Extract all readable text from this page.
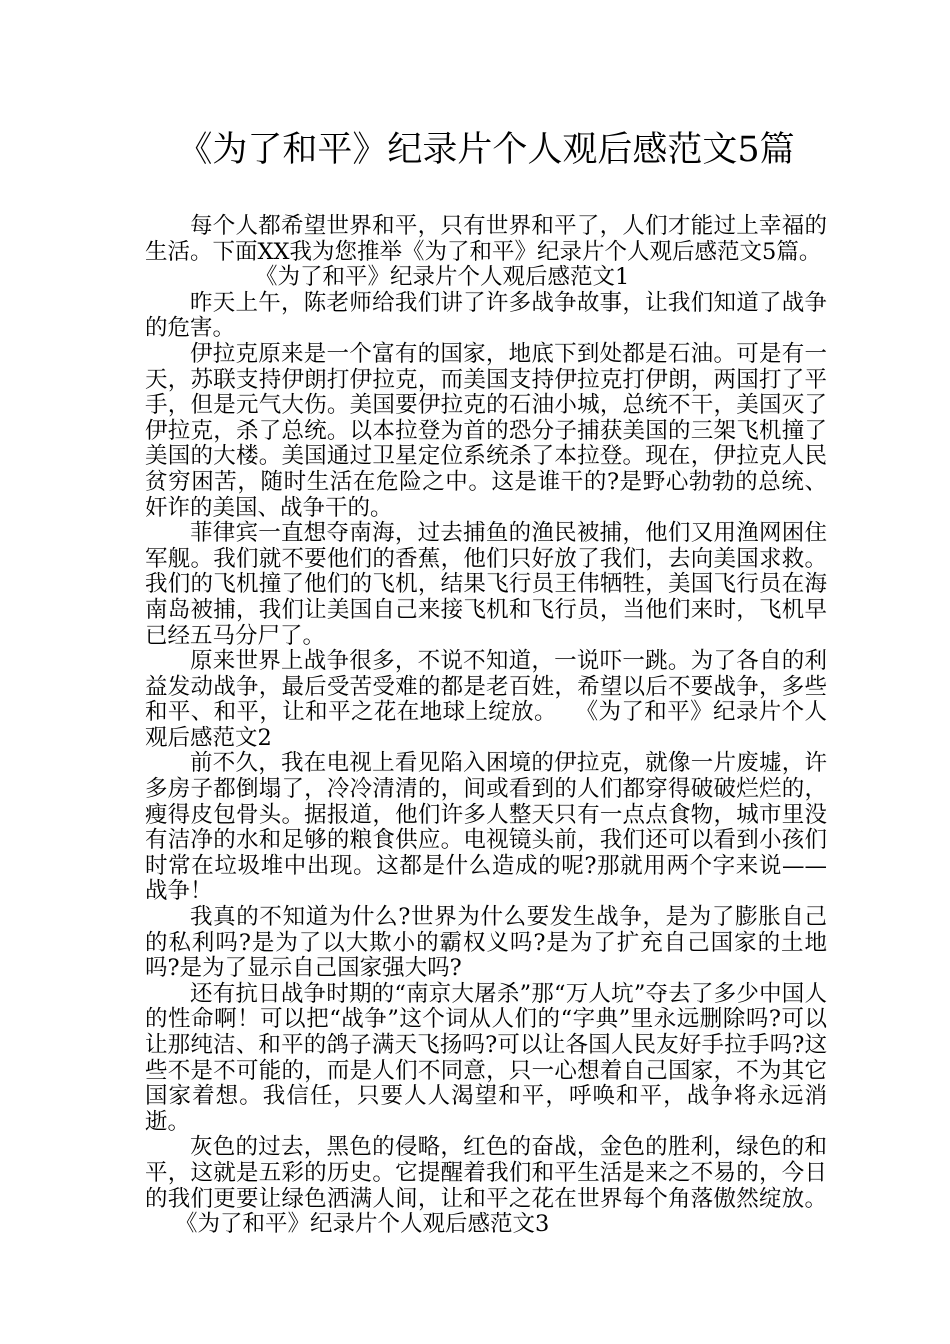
《为了和平》纪录片个人观后感范文5篇

每个人都希望世界和平，只有世界和平了，人们才能过上幸福的生活。下面XX我为您推举《为了和平》纪录片个人观后感范文5篇。

《为了和平》纪录片个人观后感范文1

昨天上午，陈老师给我们讲了许多战争故事，让我们知道了战争的危害。

伊拉克原来是一个富有的国家，地底下到处都是石油。可是有一天，苏联支持伊朗打伊拉克，而美国支持伊拉克打伊朗，两国打了平手，但是元气大伤。美国要伊拉克的石油小城，总统不干，美国灭了伊拉克，杀了总统。以本拉登为首的恐分子捕获美国的三架飞机撞了美国的大楼。美国通过卫星定位系统杀了本拉登。现在，伊拉克人民贫穷困苦，随时生活在危险之中。这是谁干的?是野心勃勃的总统、奸诈的美国、战争干的。

菲律宾一直想夺南海，过去捕鱼的渔民被捕，他们又用渔网困住军舰。我们就不要他们的香蕉，他们只好放了我们，去向美国求救。我们的飞机撞了他们的飞机，结果飞行员王伟牺牲，美国飞行员在海南岛被捕，我们让美国自己来接飞机和飞行员，当他们来时，飞机早已经五马分尸了。

原来世界上战争很多，不说不知道，一说吓一跳。为了各自的利益发动战争，最后受苦受难的都是老百姓，希望以后不要战争，多些和平、和平，让和平之花在地球上绽放。 《为了和平》纪录片个人观后感范文2

前不久，我在电视上看见陷入困境的伊拉克，就像一片废墟，许多房子都倒塌了，冷冷清清的，间或看到的人们都穿得破破烂烂的，瘦得皮包骨头。据报道，他们许多人整天只有一点点食物，城市里没有洁净的水和足够的粮食供应。电视镜头前，我们还可以看到小孩们时常在垃圾堆中出现。这都是什么造成的呢?那就用两个字来说——战争！

我真的不知道为什么?世界为什么要发生战争，是为了膨胀自己的私利吗?是为了以大欺小的霸权义吗?是为了扩充自己国家的土地吗?是为了显示自己国家强大吗?

还有抗日战争时期的“南京大屠杀”那“万人坑”夺去了多少中国人的性命啊！可以把“战争”这个词从人们的“字典”里永远删除吗?可以让那纯洁、和平的鸽子满天飞扬吗?可以让各国人民友好手拉手吗?这些不是不可能的，而是人们不同意，只一心想着自己国家，不为其它国家着想。我信任，只要人人渴望和平，呼唤和平，战争将永远消逝。

灰色的过去，黑色的侵略，红色的奋战，金色的胜利，绿色的和平，这就是五彩的历史。它提醒着我们和平生活是来之不易的，今日的我们更要让绿色洒满人间，让和平之花在世界每个角落傲然绽放。《为了和平》纪录片个人观后感范文3
